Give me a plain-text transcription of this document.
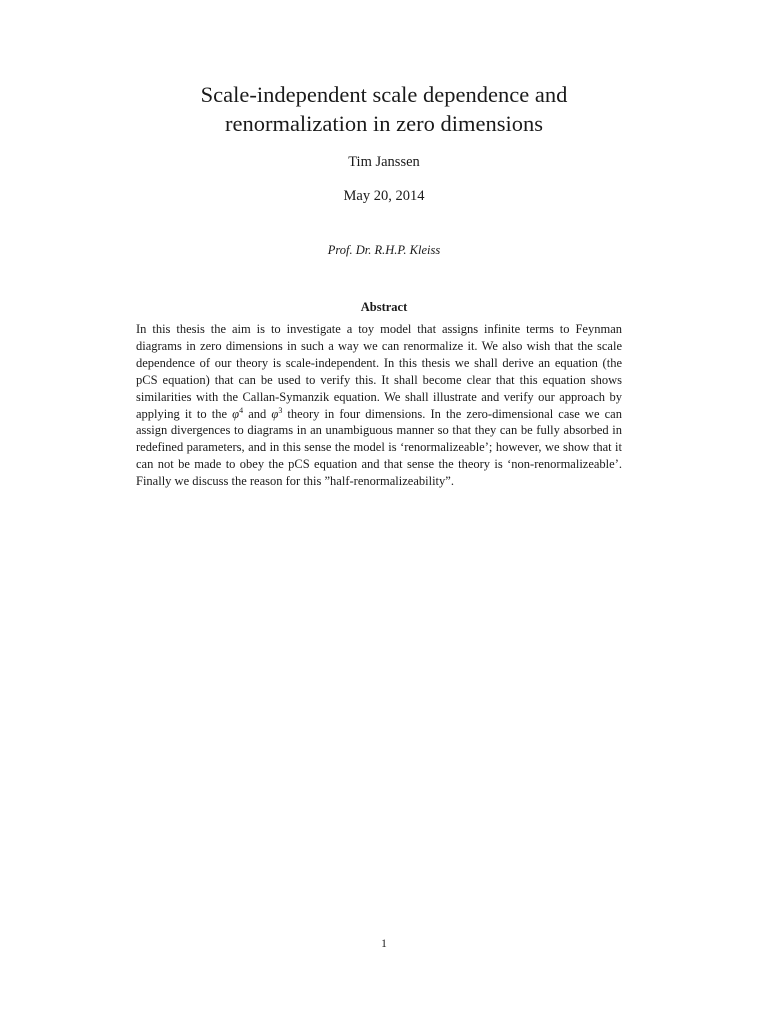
Scale-independent scale dependence and
renormalization in zero dimensions
Tim Janssen
May 20, 2014
Prof. Dr. R.H.P. Kleiss
Abstract

In this thesis the aim is to investigate a toy model that assigns infinite terms to Feynman diagrams in zero dimensions in such a way we can renormalize it. We also wish that the scale dependence of our theory is scale-independent. In this thesis we shall derive an equation (the pCS equation) that can be used to verify this. It shall become clear that this equation shows similarities with the Callan-Symanzik equation. We shall illustrate and verify our approach by applying it to the $\varphi^4$ and $\varphi^3$ theory in four dimensions. In the zero-dimensional case we can assign divergences to diagrams in an unambiguous manner so that they can be fully absorbed in redefined parameters, and in this sense the model is ‘renormalizeable’; however, we show that it can not be made to obey the pCS equation and that sense the theory is ‘non-renormalizeable’. Finally we discuss the reason for this ”half-renormalizeability”.

1
